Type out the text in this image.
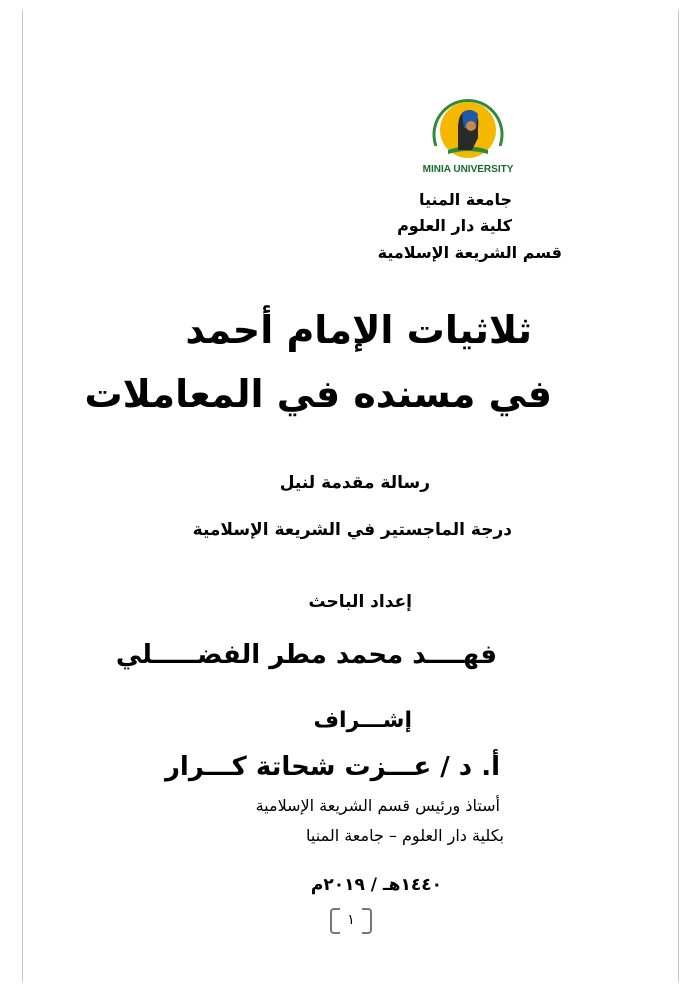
MINIA UNIVERSITY
جامعة المنيا
كلية دار العلوم
قسم الشريعة الإسلامية
ثلاثيات الإمام أحمد
في مسنده في المعاملات
رسالة مقدمة لنيل
درجة الماجستير في الشريعة الإسلامية
إعداد الباحث
فهــــد محمد مطر الفضـــــلي
إشـــراف
أ. د / عـــزت شحاتة كـــرار
أستاذ ورئيس قسم الشريعة الإسلامية
بكلية دار العلوم – جامعة المنيا
١٤٤٠هـ / ٢٠١٩م
١
